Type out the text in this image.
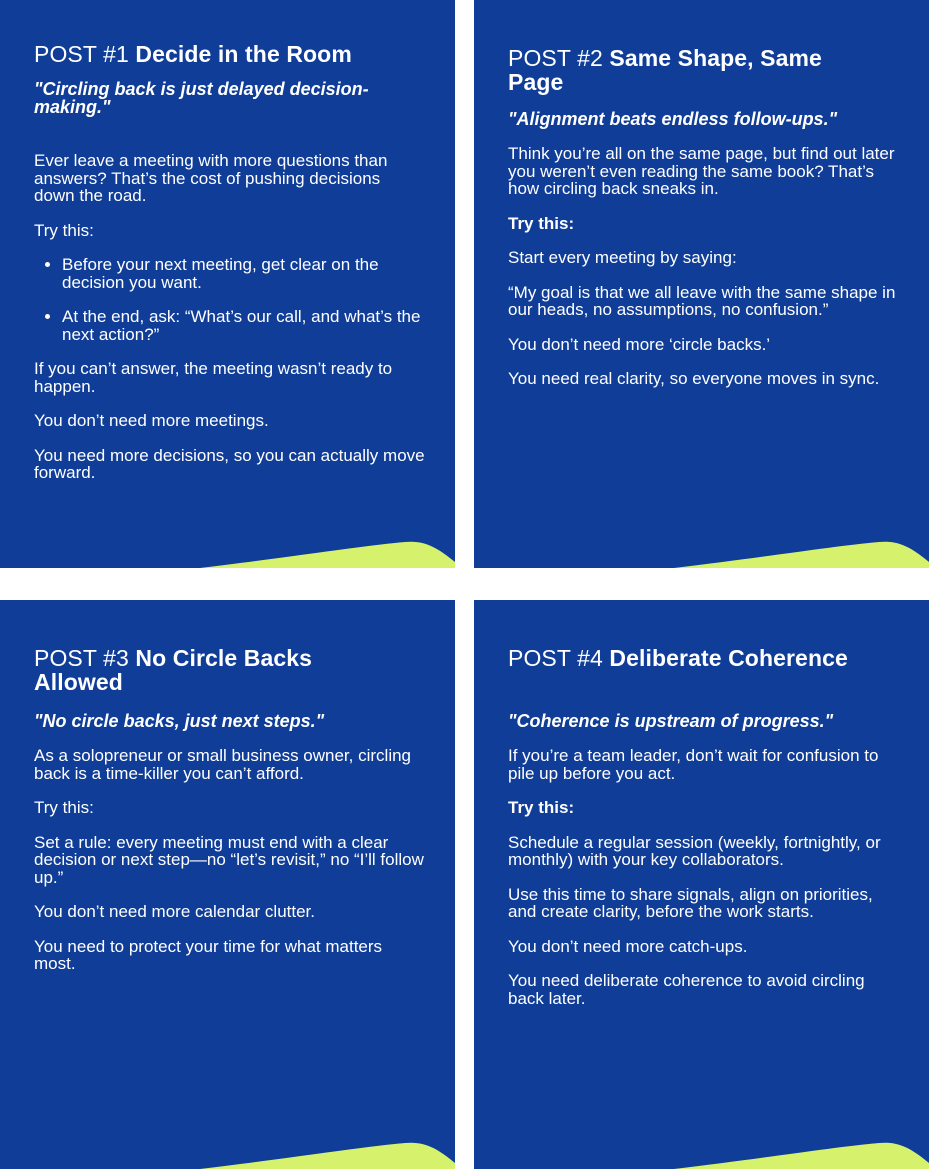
POST #1 Decide in the Room

"Circling back is just delayed decision-making."

Ever leave a meeting with more questions than answers? That’s the cost of pushing decisions down the road.

Try this:

• Before your next meeting, get clear on the decision you want.
• At the end, ask: “What’s our call, and what’s the next action?”

If you can’t answer, the meeting wasn’t ready to happen.

You don’t need more meetings.

You need more decisions, so you can actually move forward.

POST #2 Same Shape, Same Page

"Alignment beats endless follow-ups."

Think you’re all on the same page, but find out later you weren’t even reading the same book? That’s how circling back sneaks in.

Try this:

Start every meeting by saying:

“My goal is that we all leave with the same shape in our heads, no assumptions, no confusion.”

You don’t need more ‘circle backs.’

You need real clarity, so everyone moves in sync.

POST #3 No Circle Backs Allowed

"No circle backs, just next steps."

As a solopreneur or small business owner, circling back is a time-killer you can’t afford.

Try this:

Set a rule: every meeting must end with a clear decision or next step—no “let’s revisit,” no “I’ll follow up.”

You don’t need more calendar clutter.

You need to protect your time for what matters most.

POST #4 Deliberate Coherence

"Coherence is upstream of progress."

If you’re a team leader, don’t wait for confusion to pile up before you act.

Try this:

Schedule a regular session (weekly, fortnightly, or monthly) with your key collaborators.

Use this time to share signals, align on priorities, and create clarity, before the work starts.

You don’t need more catch-ups.

You need deliberate coherence to avoid circling back later.
